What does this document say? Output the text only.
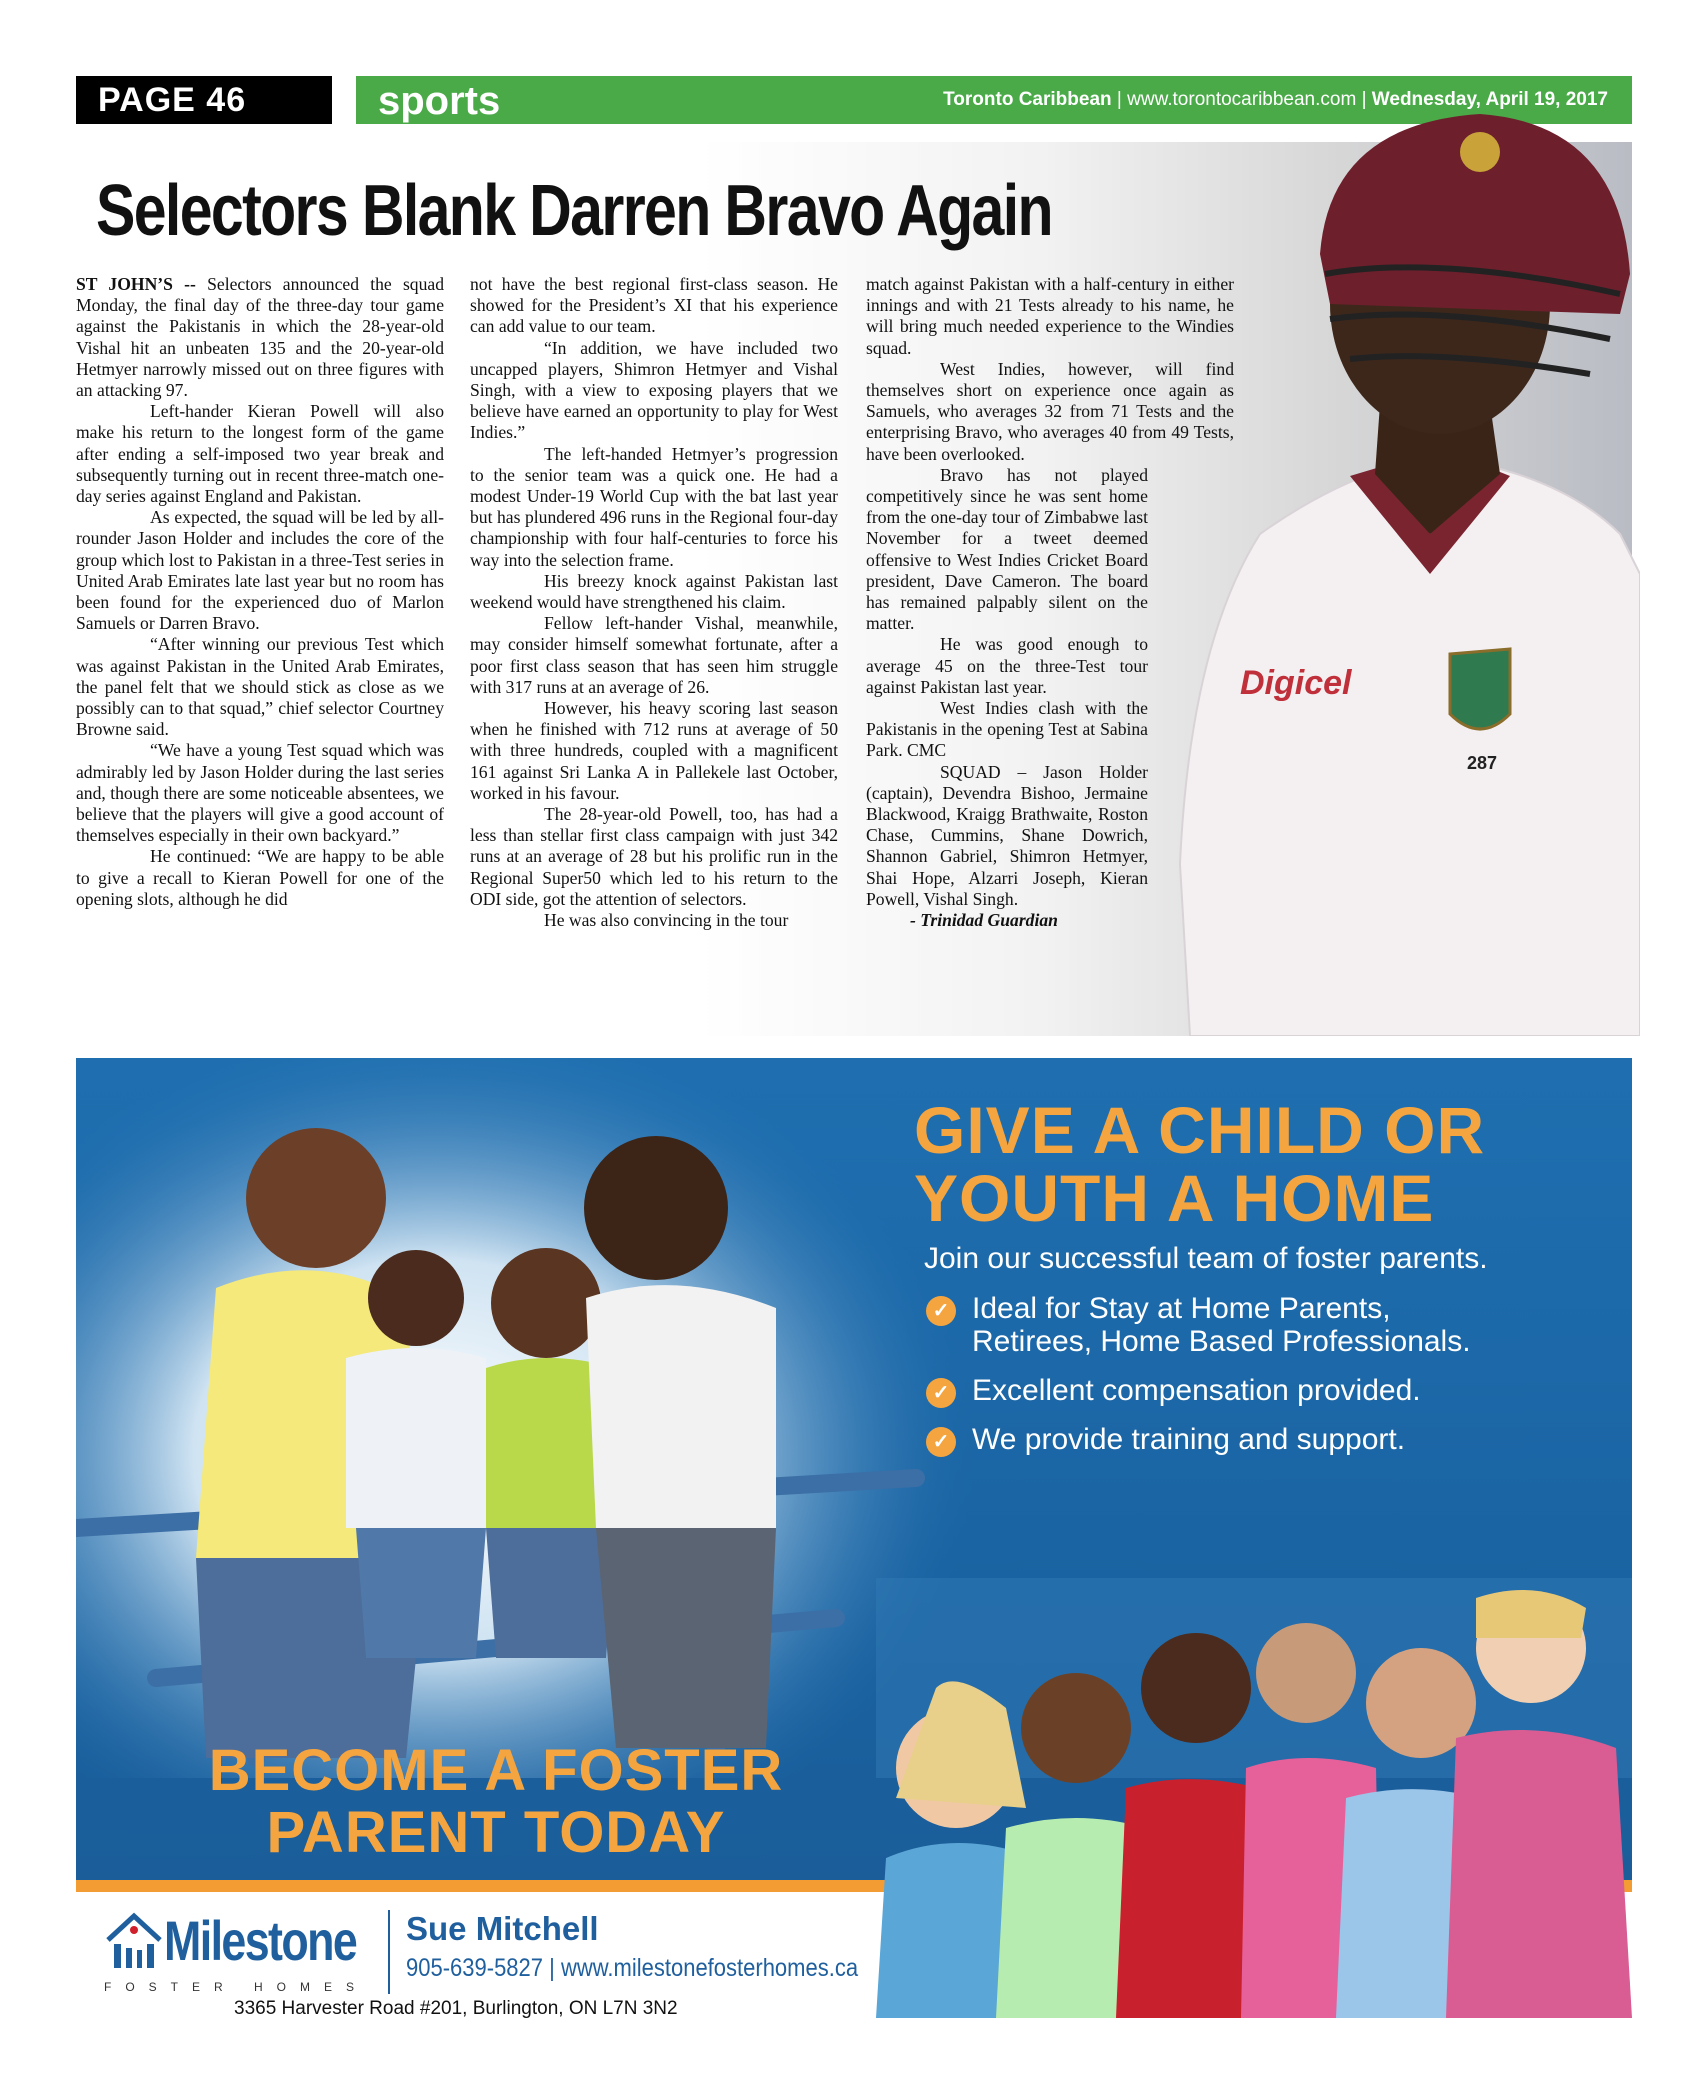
PAGE 46	sports	Toronto Caribbean | www.torontocaribbean.com | Wednesday, April 19, 2017
Digicel
287
Selectors Blank Darren Bravo Again

ST JOHN’S -- Selectors announced the squad Monday, the final day of the three-day tour game against the Pakistanis in which the 28-year-old Vishal hit an unbeaten 135 and the 20-year-old Hetmyer narrowly missed out on three figures with an attacking 97.

Left-hander Kieran Powell will also make his return to the longest form of the game after ending a self-imposed two year break and subsequently turning out in recent three-match one-day series against England and Pakistan.

As expected, the squad will be led by all-rounder Jason Holder and includes the core of the group which lost to Pakistan in a three-Test series in United Arab Emirates late last year but no room has been found for the experienced duo of Marlon Samuels or Darren Bravo.

“After winning our previous Test which was against Pakistan in the United Arab Emirates, the panel felt that we should stick as close as we possibly can to that squad,” chief selector Courtney Browne said.

“We have a young Test squad which was admirably led by Jason Holder during the last series and, though there are some noticeable absentees, we believe that the players will give a good account of themselves especially in their own backyard.”

He continued: “We are happy to be able to give a recall to Kieran Powell for one of the opening slots, although he did

not have the best regional first-class season. He showed for the President’s XI that his experience can add value to our team.

“In addition, we have included two uncapped players, Shimron Hetmyer and Vishal Singh, with a view to exposing players that we believe have earned an opportunity to play for West Indies.”

The left-handed Hetmyer’s progression to the senior team was a quick one. He had a modest Under-19 World Cup with the bat last year but has plundered 496 runs in the Regional four-day championship with four half-centuries to force his way into the selection frame.

His breezy knock against Pakistan last weekend would have strengthened his claim.

Fellow left-hander Vishal, meanwhile, may consider himself somewhat fortunate, after a poor first class season that has seen him struggle with 317 runs at an average of 26.

However, his heavy scoring last season when he finished with 712 runs at average of 50 with three hundreds, coupled with a magnificent 161 against Sri Lanka A in Pallekele last October, worked in his favour.

The 28-year-old Powell, too, has had a less than stellar first class campaign with just 342 runs at an average of 28 but his prolific run in the Regional Super50 which led to his return to the ODI side, got the attention of selectors.

He was also convincing in the tour

match against Pakistan with a half-century in either innings and with 21 Tests already to his name, he will bring much needed experience to the Windies squad.

West Indies, however, will find themselves short on experience once again as Samuels, who averages 32 from 71 Tests and the enterprising Bravo, who averages 40 from 49 Tests, have been overlooked.

Bravo has not played competitively since he was sent home from the one-day tour of Zimbabwe last November for a tweet deemed offensive to West Indies Cricket Board president, Dave Cameron. The board has remained palpably silent on the matter.

He was good enough to average 45 on the three-Test tour against Pakistan last year.

West Indies clash with the Pakistanis in the opening Test at Sabina Park. CMC

SQUAD – Jason Holder (captain), Devendra Bishoo, Jermaine Blackwood, Kraigg Brathwaite, Roston Chase, Cummins, Shane Dowrich, Shannon Gabriel, Shimron Hetmyer, Shai Hope, Alzarri Joseph, Kieran Powell, Vishal Singh.

- Trinidad Guardian

GIVE A CHILD OR
YOUTH A HOME
Join our successful team of foster parents.
✓ Ideal for Stay at Home Parents,
Retirees, Home Based Professionals.
✓ Excellent compensation provided.
✓ We provide training and support.
BECOME A FOSTER
PARENT TODAY
Milestone
FOSTER HOMES
Sue Mitchell
905-639-5827 | www.milestonefosterhomes.ca
3365 Harvester Road #201, Burlington, ON L7N 3N2
